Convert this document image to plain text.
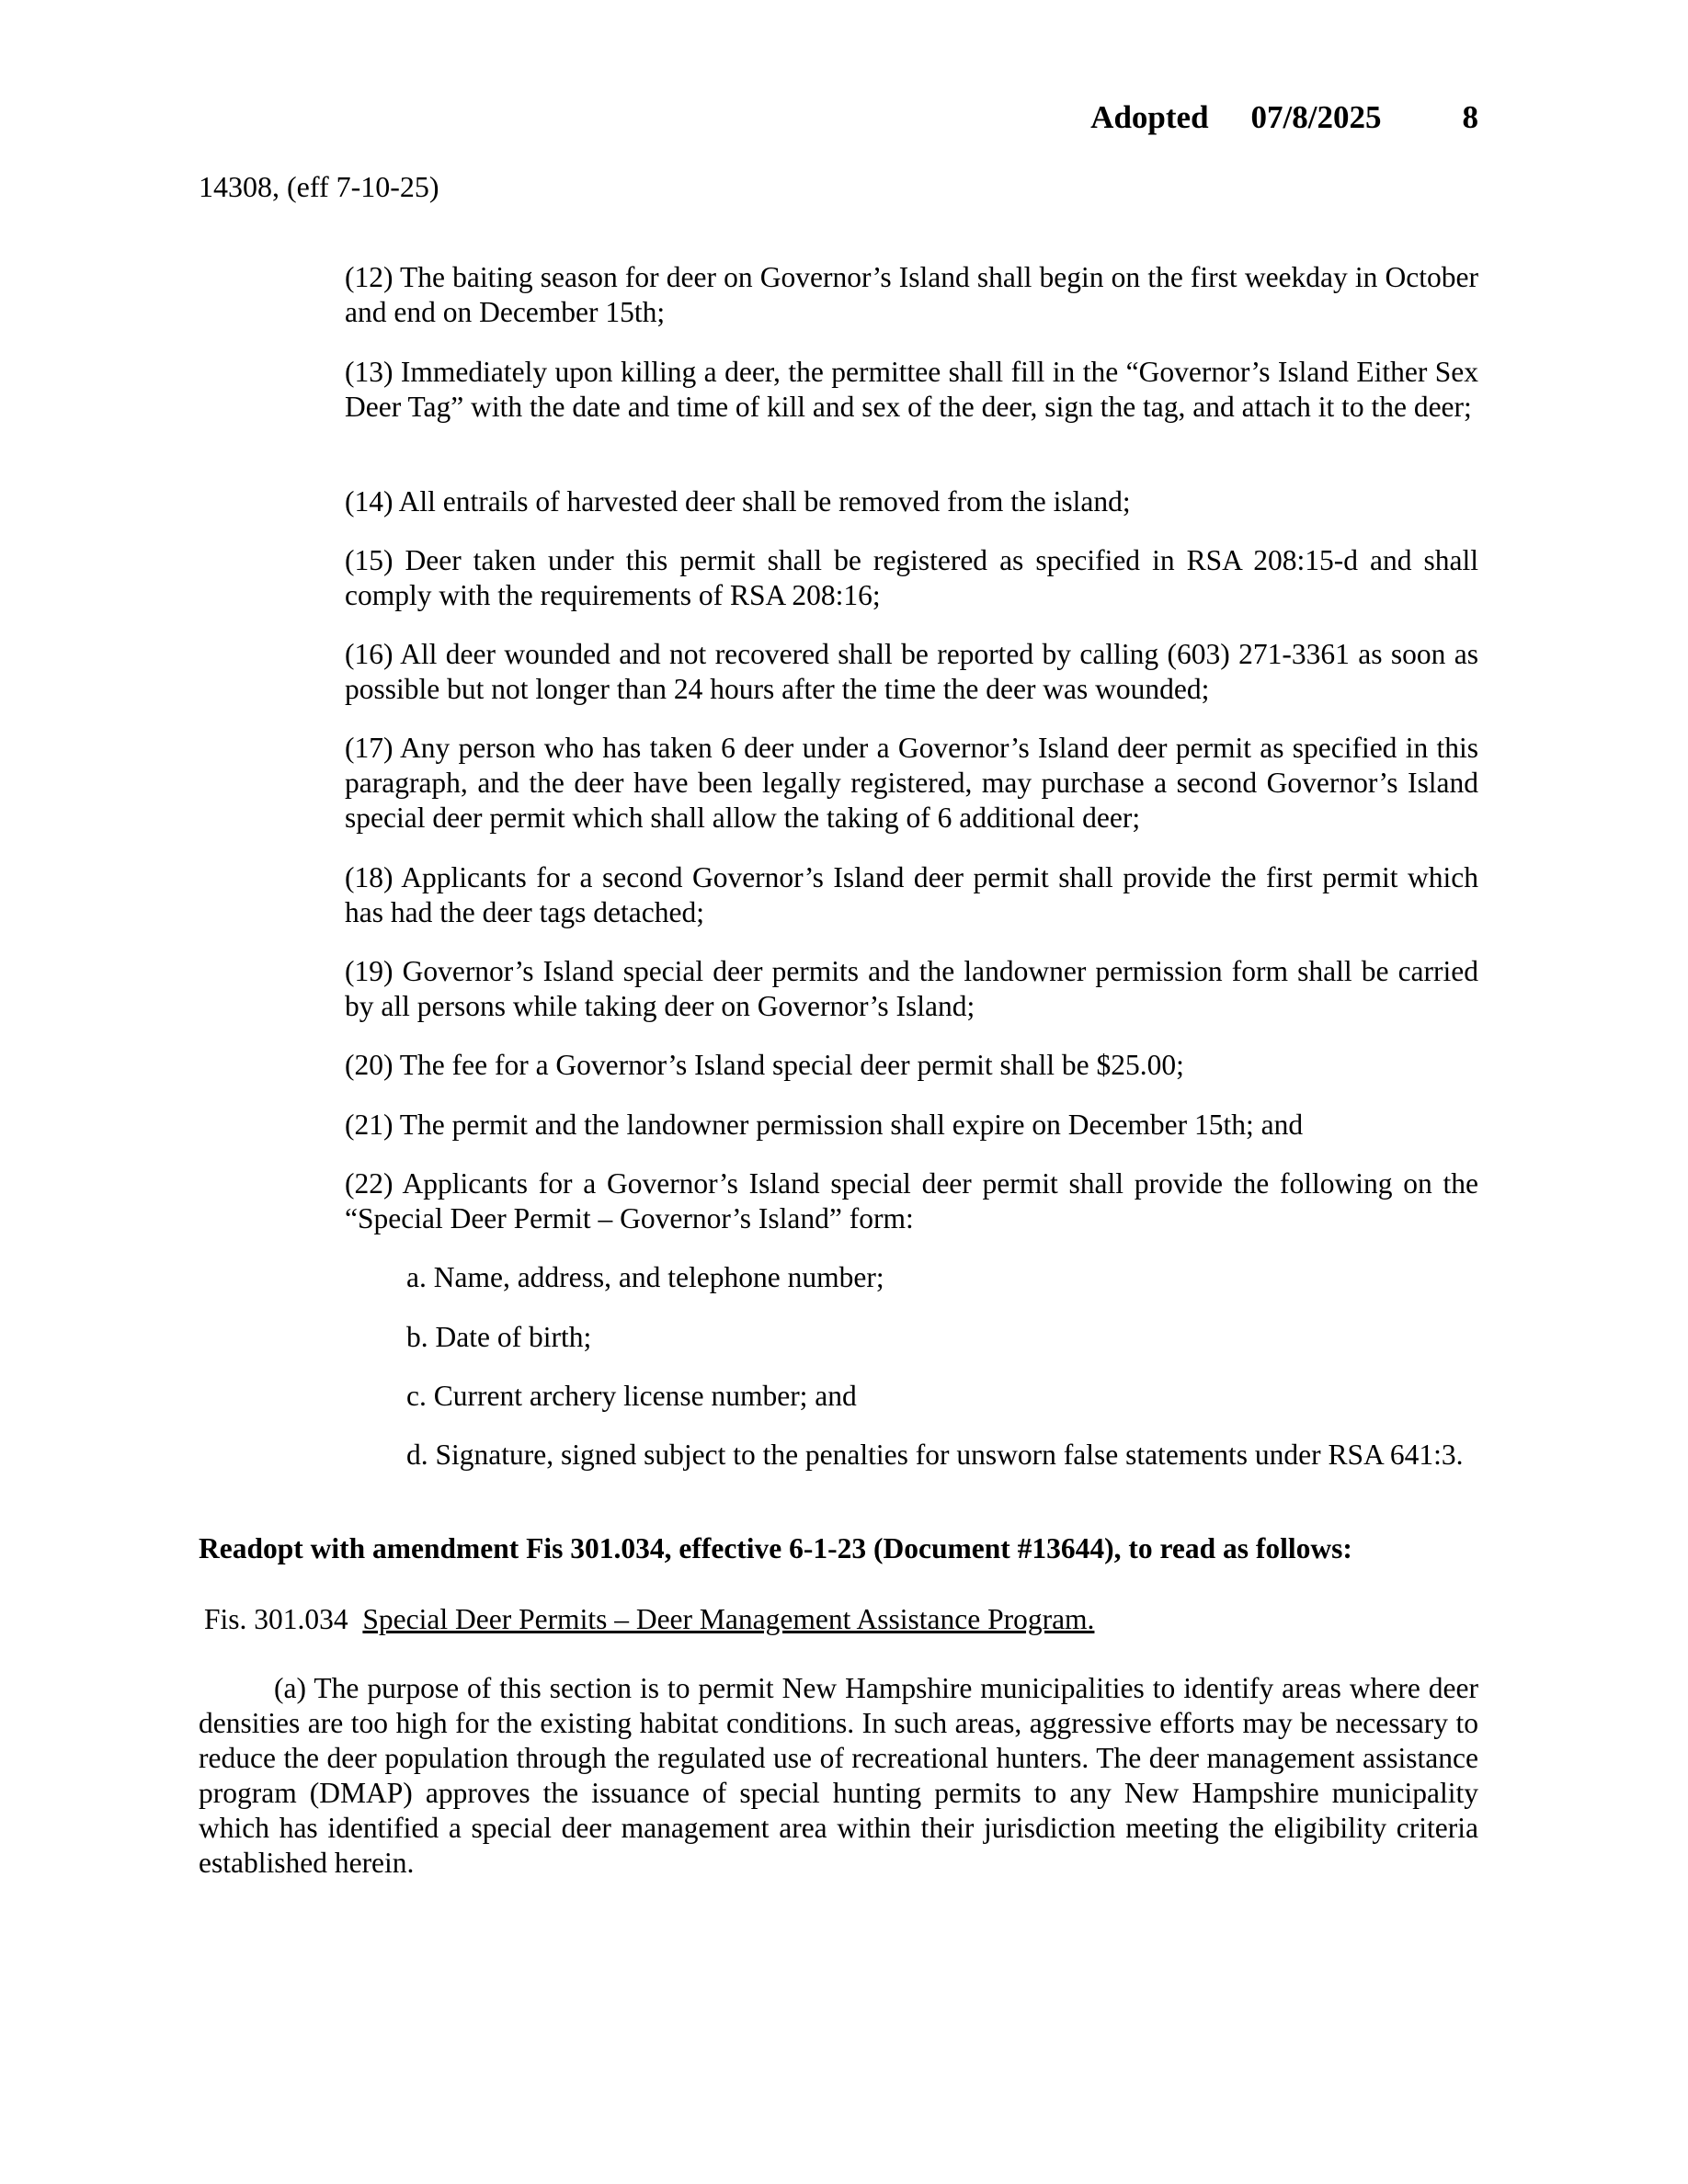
Adopted 07/8/2025	8
14308, (eff 7-10-25)
(12) The baiting season for deer on Governor’s Island shall begin on the first weekday in October and end on December 15th;
(13) Immediately upon killing a deer, the permittee shall fill in the “Governor’s Island Either Sex Deer Tag” with the date and time of kill and sex of the deer, sign the tag, and attach it to the deer;
(14) All entrails of harvested deer shall be removed from the island;
(15) Deer taken under this permit shall be registered as specified in RSA 208:15-d and shall comply with the requirements of RSA 208:16;
(16) All deer wounded and not recovered shall be reported by calling (603) 271-3361 as soon as possible but not longer than 24 hours after the time the deer was wounded;
(17) Any person who has taken 6 deer under a Governor’s Island deer permit as specified in this paragraph, and the deer have been legally registered, may purchase a second Governor’s Island special deer permit which shall allow the taking of 6 additional deer;
(18) Applicants for a second Governor’s Island deer permit shall provide the first permit which has had the deer tags detached;
(19) Governor’s Island special deer permits and the landowner permission form shall be carried by all persons while taking deer on Governor’s Island;
(20) The fee for a Governor’s Island special deer permit shall be $25.00;
(21) The permit and the landowner permission shall expire on December 15th; and
(22) Applicants for a Governor’s Island special deer permit shall provide the following on the “Special Deer Permit – Governor’s Island” form:
a. Name, address, and telephone number;
b. Date of birth;
c. Current archery license number; and
d. Signature, signed subject to the penalties for unsworn false statements under RSA 641:3.
Readopt with amendment Fis 301.034, effective 6-1-23 (Document #13644), to read as follows:
Fis. 301.034 Special Deer Permits – Deer Management Assistance Program.
(a) The purpose of this section is to permit New Hampshire municipalities to identify areas where deer densities are too high for the existing habitat conditions. In such areas, aggressive efforts may be necessary to reduce the deer population through the regulated use of recreational hunters. The deer management assistance program (DMAP) approves the issuance of special hunting permits to any New Hampshire municipality which has identified a special deer management area within their jurisdiction meeting the eligibility criteria established herein.
